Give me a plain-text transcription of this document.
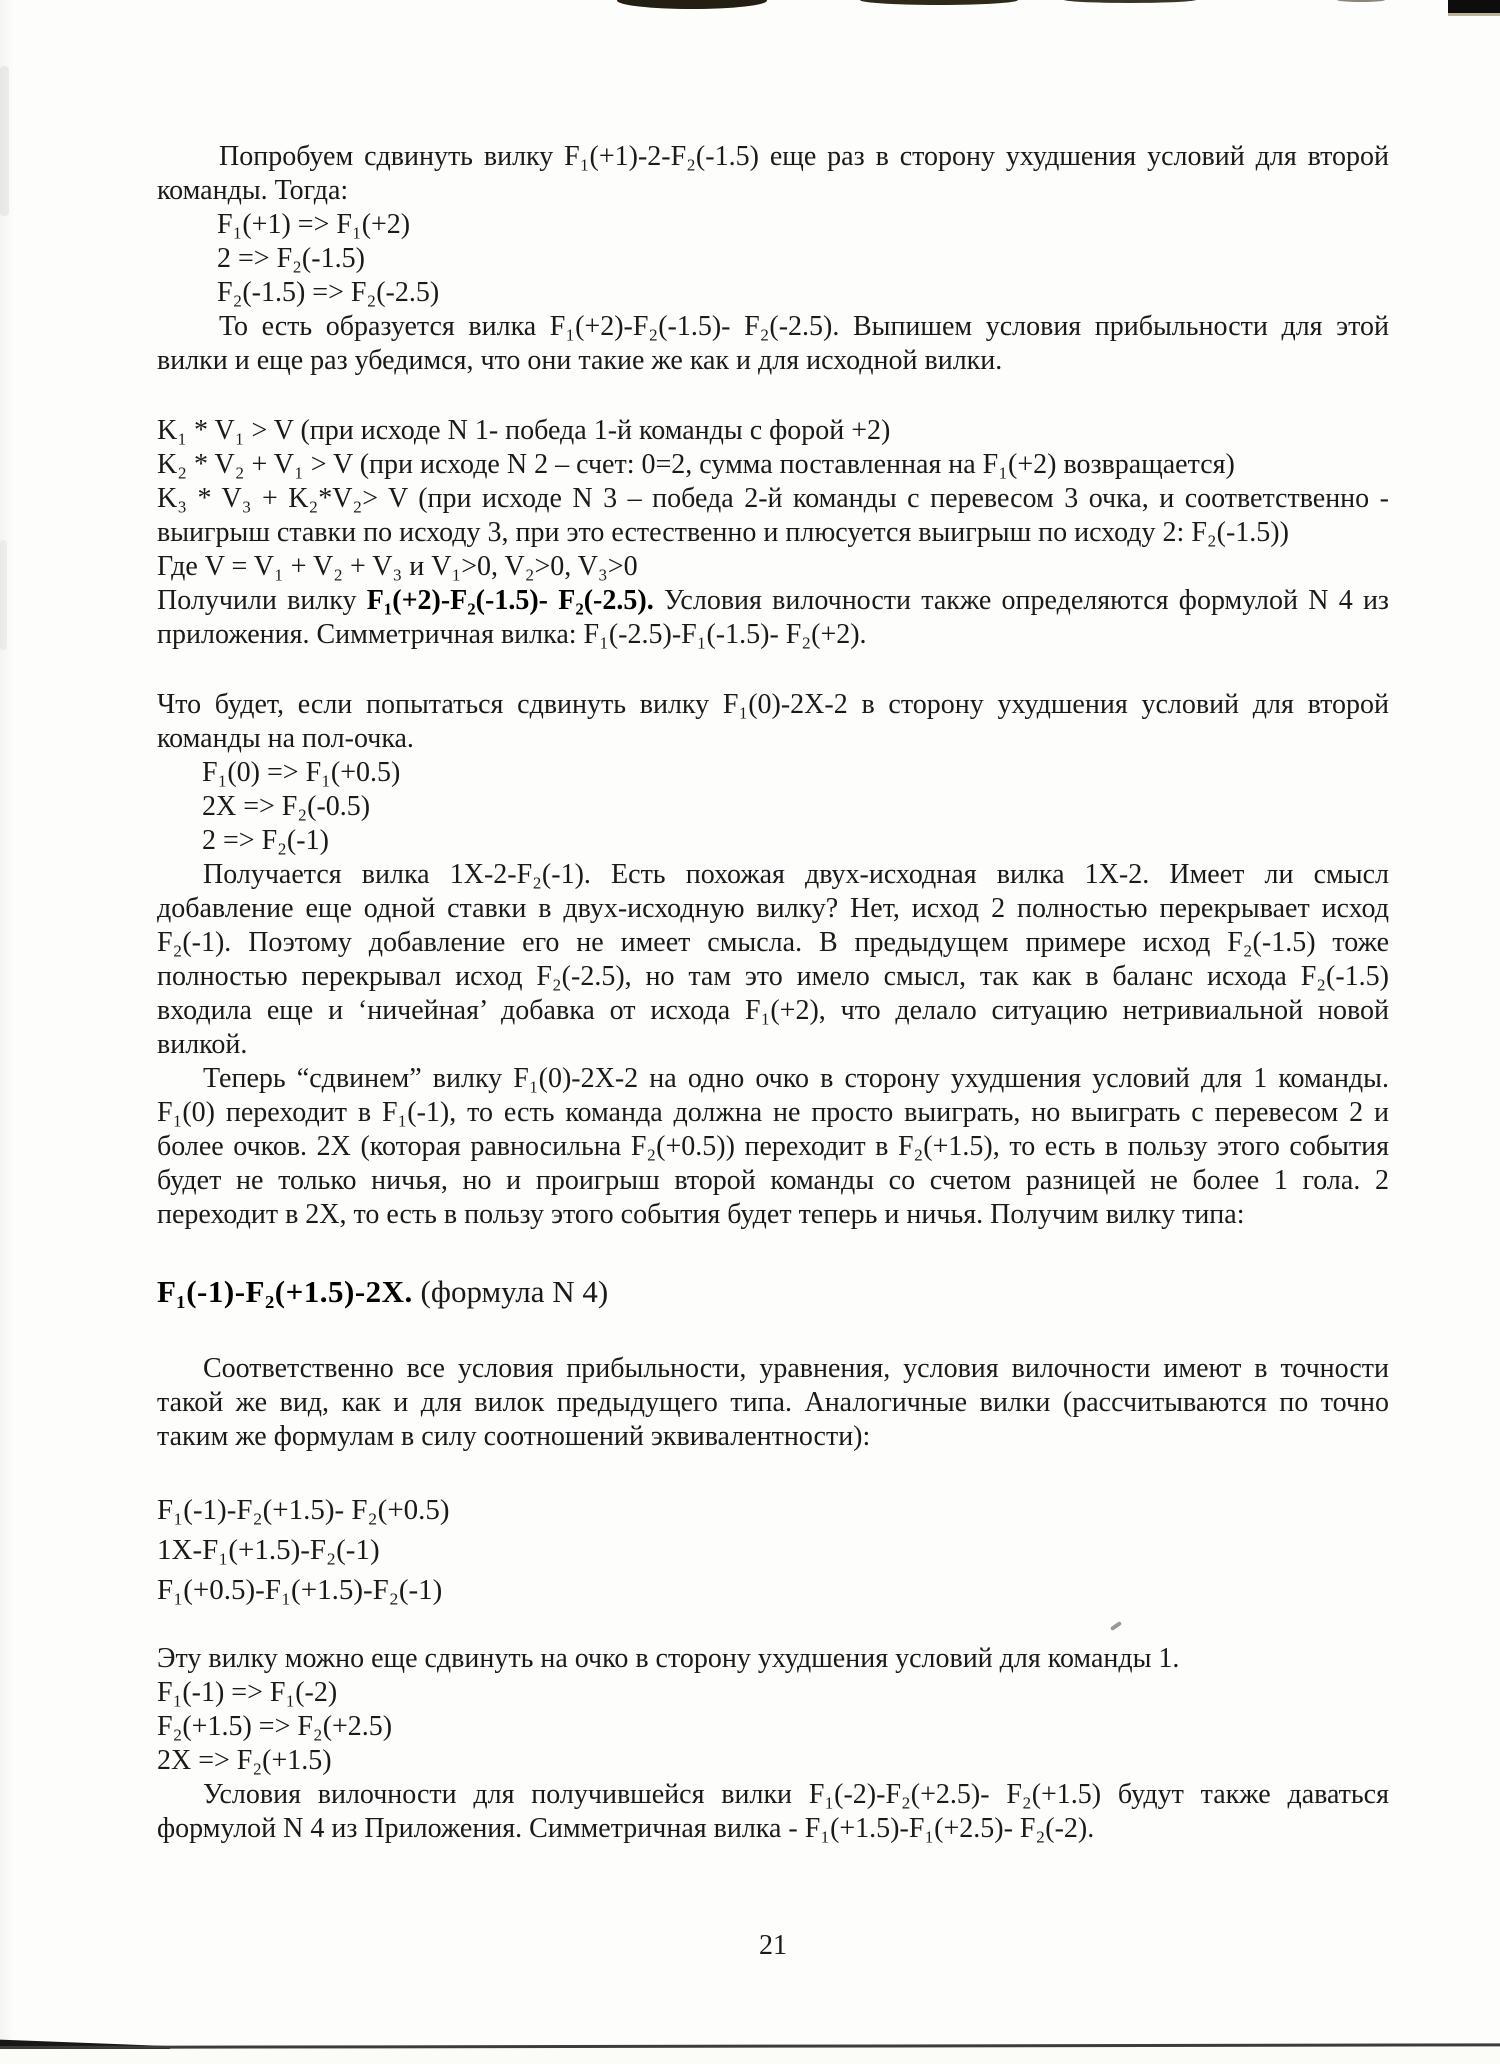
Попробуем сдвинуть вилку F₁(+1)-2-F₂(-1.5) еще раз в сторону ухудшения условий для второй команды. Тогда:

F₁(+1) => F₁(+2)
2 => F₂(-1.5)
F₂(-1.5) => F₂(-2.5)

То есть образуется вилка F₁(+2)-F₂(-1.5)- F₂(-2.5). Выпишем условия прибыльности для этой вилки и еще раз убедимся, что они такие же как и для исходной вилки.

K₁ * V₁ > V (при исходе N 1- победа 1-й команды с форой +2)
K₂ * V₂ + V₁ > V (при исходе N 2 – счет: 0=2, сумма поставленная на F₁(+2) возвращается)

K₃ * V₃ + K₂*V₂> V (при исходе N 3 – победа 2-й команды с перевесом 3 очка, и соответственно - выигрыш ставки по исходу 3, при это естественно и плюсуется выигрыш по исходу 2: F₂(-1.5))

Где V = V₁ + V₂ + V₃ и V₁>0, V₂>0, V₃>0

Получили вилку F₁(+2)-F₂(-1.5)- F₂(-2.5). Условия вилочности также определяются формулой N 4 из приложения. Симметричная вилка: F₁(-2.5)-F₁(-1.5)- F₂(+2).

Что будет, если попытаться сдвинуть вилку F₁(0)-2X-2 в сторону ухудшения условий для второй команды на пол-очка.

F₁(0) => F₁(+0.5)
2X => F₂(-0.5)
2 => F₂(-1)

Получается вилка 1X-2-F₂(-1). Есть похожая двух-исходная вилка 1X-2. Имеет ли смысл добавление еще одной ставки в двух-исходную вилку? Нет, исход 2 полностью перекрывает исход F₂(-1). Поэтому добавление его не имеет смысла. В предыдущем примере исход F₂(-1.5) тоже полностью перекрывал исход F₂(-2.5), но там это имело смысл, так как в баланс исхода F₂(-1.5) входила еще и ‘ничейная’ добавка от исхода F₁(+2), что делало ситуацию нетривиальной новой вилкой.

Теперь “сдвинем” вилку F₁(0)-2X-2 на одно очко в сторону ухудшения условий для 1 команды. F₁(0) переходит в F₁(-1), то есть команда должна не просто выиграть, но выиграть с перевесом 2 и более очков. 2X (которая равносильна F₂(+0.5)) переходит в F₂(+1.5), то есть в пользу этого события будет не только ничья, но и проигрыш второй команды со счетом разницей не более 1 гола. 2 переходит в 2X, то есть в пользу этого события будет теперь и ничья. Получим вилку типа:

F₁(-1)-F₂(+1.5)-2X. (формула N 4)

Соответственно все условия прибыльности, уравнения, условия вилочности имеют в точности такой же вид, как и для вилок предыдущего типа. Аналогичные вилки (рассчитываются по точно таким же формулам в силу соотношений эквивалентности):

F₁(-1)-F₂(+1.5)- F₂(+0.5)
1X-F₁(+1.5)-F₂(-1)
F₁(+0.5)-F₁(+1.5)-F₂(-1)

Эту вилку можно еще сдвинуть на очко в сторону ухудшения условий для команды 1.

F₁(-1) => F₁(-2)
F₂(+1.5) => F₂(+2.5)
2X => F₂(+1.5)

Условия вилочности для получившейся вилки F₁(-2)-F₂(+2.5)- F₂(+1.5) будут также даваться формулой N 4 из Приложения. Симметричная вилка - F₁(+1.5)-F₁(+2.5)- F₂(-2).

21
